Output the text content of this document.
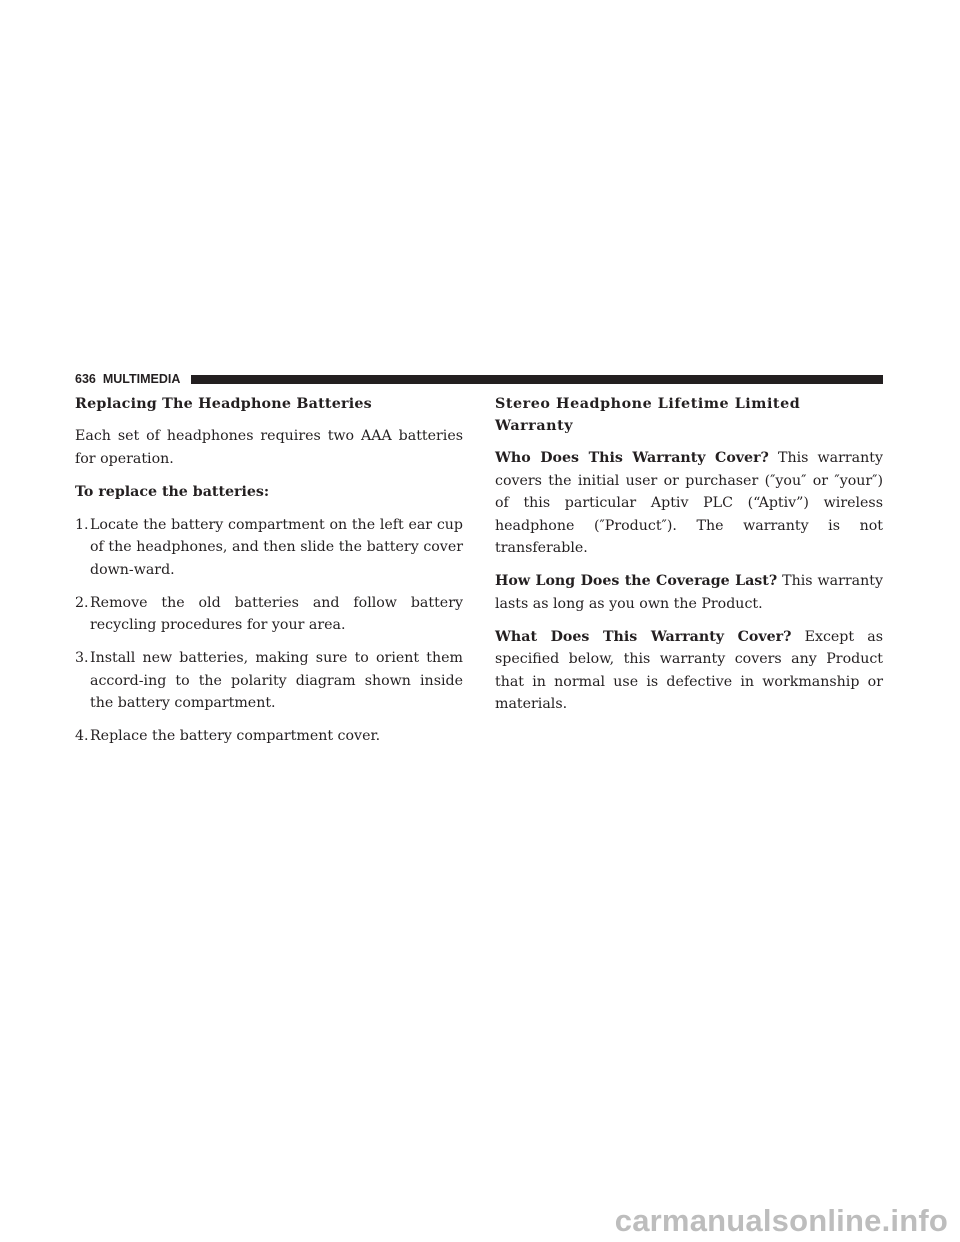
636 MULTIMEDIA
Replacing The Headphone Batteries

Each set of headphones requires two AAA batteries for operation.

To replace the batteries:
1. Locate the battery compartment on the left ear cup of the headphones, and then slide the battery cover down-ward.
2. Remove the old batteries and follow battery recycling procedures for your area.
3. Install new batteries, making sure to orient them accord-ing to the polarity diagram shown inside the battery compartment.
4. Replace the battery compartment cover.
Stereo Headphone Lifetime Limited Warranty

Who Does This Warranty Cover? This warranty covers the initial user or purchaser (″you″ or ″your″) of this particular Aptiv PLC (“Aptiv”) wireless headphone (″Product″). The warranty is not transferable.

How Long Does the Coverage Last? This warranty lasts as long as you own the Product.

What Does This Warranty Cover? Except as specified below, this warranty covers any Product that in normal use is defective in workmanship or materials.

carmanualsonline.info
